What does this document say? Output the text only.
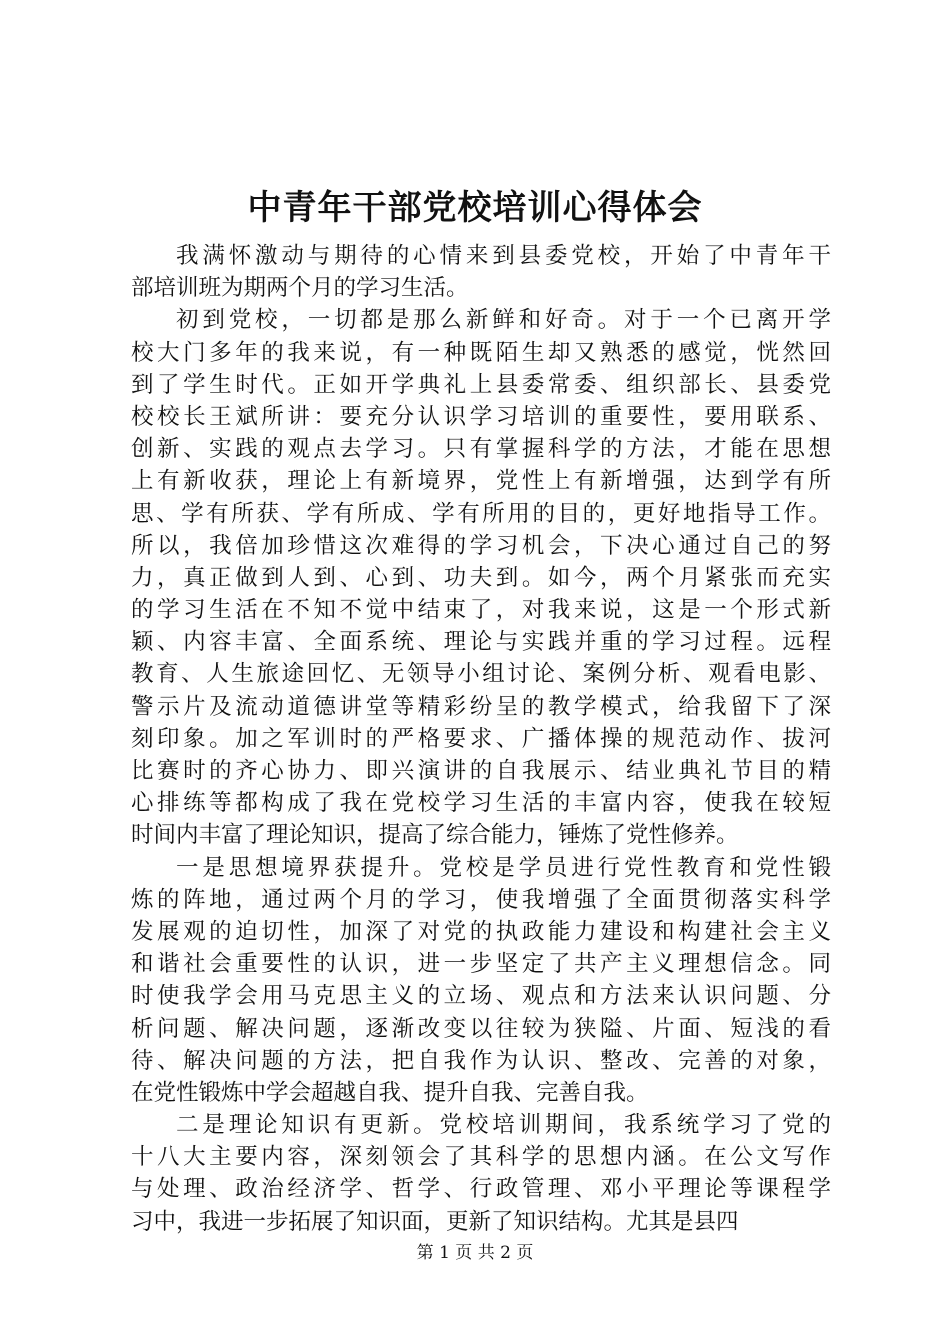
中青年干部党校培训心得体会
我满怀激动与期待的心情来到县委党校，开始了中青年干
部培训班为期两个月的学习生活。
初到党校，一切都是那么新鲜和好奇。对于一个已离开学
校大门多年的我来说，有一种既陌生却又熟悉的感觉，恍然回
到了学生时代。正如开学典礼上县委常委、组织部长、县委党
校校长王斌所讲：要充分认识学习培训的重要性，要用联系、
创新、实践的观点去学习。只有掌握科学的方法，才能在思想
上有新收获，理论上有新境界，党性上有新增强，达到学有所
思、学有所获、学有所成、学有所用的目的，更好地指导工作。
所以，我倍加珍惜这次难得的学习机会，下决心通过自己的努
力，真正做到人到、心到、功夫到。如今，两个月紧张而充实
的学习生活在不知不觉中结束了，对我来说，这是一个形式新
颖、内容丰富、全面系统、理论与实践并重的学习过程。远程
教育、人生旅途回忆、无领导小组讨论、案例分析、观看电影、
警示片及流动道德讲堂等精彩纷呈的教学模式，给我留下了深
刻印象。加之军训时的严格要求、广播体操的规范动作、拔河
比赛时的齐心协力、即兴演讲的自我展示、结业典礼节目的精
心排练等都构成了我在党校学习生活的丰富内容，使我在较短
时间内丰富了理论知识，提高了综合能力，锤炼了党性修养。
一是思想境界获提升。党校是学员进行党性教育和党性锻
炼的阵地，通过两个月的学习，使我增强了全面贯彻落实科学
发展观的迫切性，加深了对党的执政能力建设和构建社会主义
和谐社会重要性的认识，进一步坚定了共产主义理想信念。同
时使我学会用马克思主义的立场、观点和方法来认识问题、分
析问题、解决问题，逐渐改变以往较为狭隘、片面、短浅的看
待、解决问题的方法，把自我作为认识、整改、完善的对象，
在党性锻炼中学会超越自我、提升自我、完善自我。
二是理论知识有更新。党校培训期间，我系统学习了党的
十八大主要内容，深刻领会了其科学的思想内涵。在公文写作
与处理、政治经济学、哲学、行政管理、邓小平理论等课程学
习中，我进一步拓展了知识面，更新了知识结构。尤其是县四
第 1 页 共 2 页
